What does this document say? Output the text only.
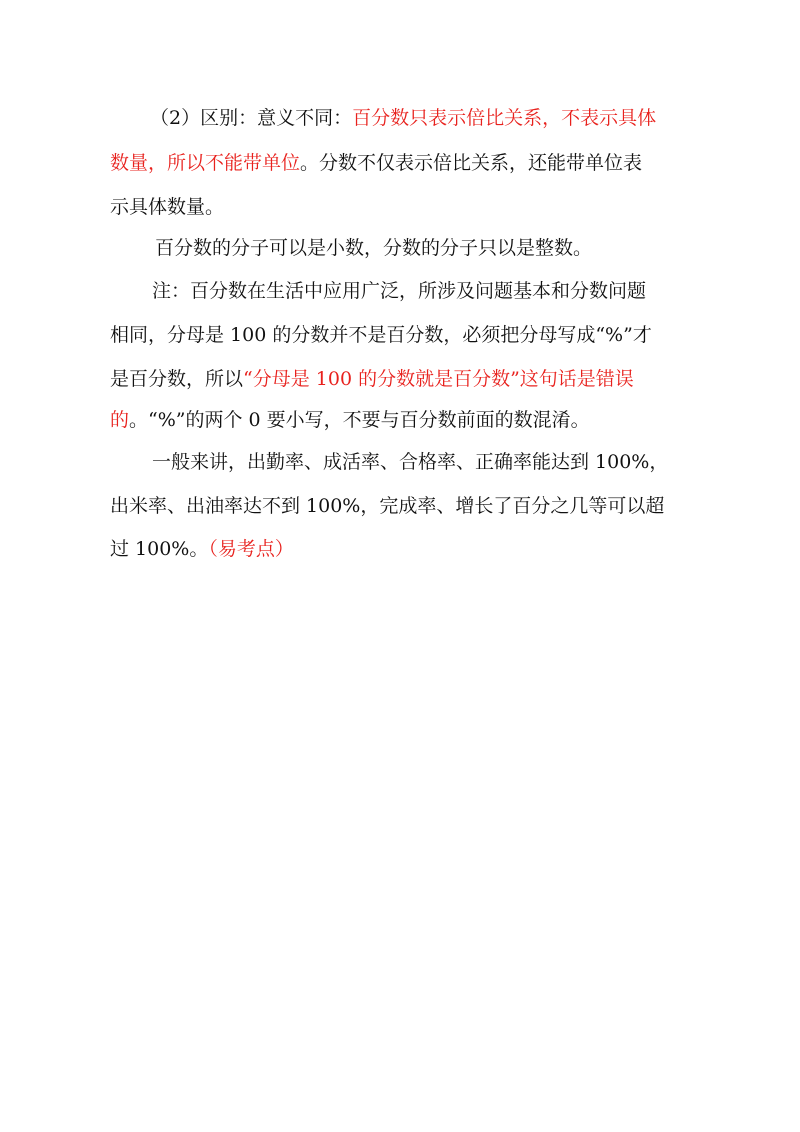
（2）区别：意义不同：百分数只表示倍比关系，不表示具体
数量，所以不能带单位。分数不仅表示倍比关系，还能带单位表
示具体数量。
百分数的分子可以是小数，分数的分子只以是整数。
注：百分数在生活中应用广泛，所涉及问题基本和分数问题
相同，分母是 100 的分数并不是百分数，必须把分母写成“%”才
是百分数，所以“分母是 100 的分数就是百分数”这句话是错误
的。“%”的两个 0 要小写，不要与百分数前面的数混淆。
一般来讲，出勤率、成活率、合格率、正确率能达到 100%，
出米率、出油率达不到 100%，完成率、增长了百分之几等可以超
过 100%。（易考点）
